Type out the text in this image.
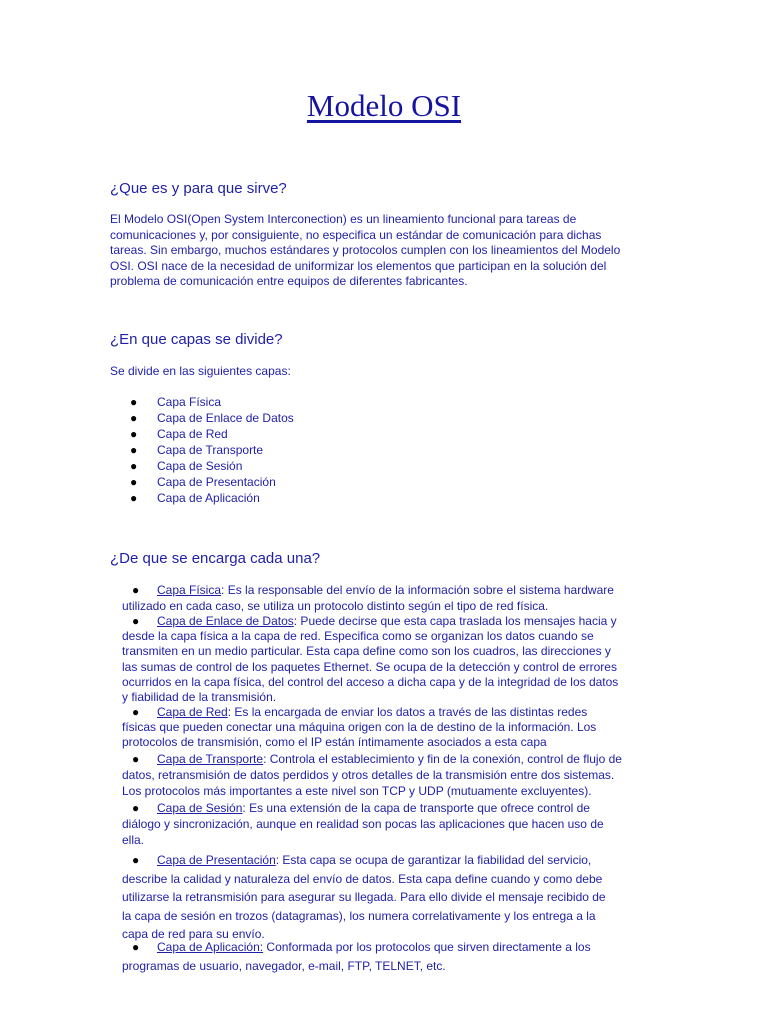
Modelo OSI
¿Que es y para que sirve?
El Modelo OSI(Open System Interconection) es un lineamiento funcional para tareas de
comunicaciones y, por consiguiente, no especifica un estándar de comunicación para dichas
tareas. Sin embargo, muchos estándares y protocolos cumplen con los lineamientos del Modelo
OSI. OSI nace de la necesidad de uniformizar los elementos que participan en la solución del
problema de comunicación entre equipos de diferentes fabricantes.
¿En que capas se divide?
Se divide en las siguientes capas:
● Capa Física
● Capa de Enlace de Datos
● Capa de Red
● Capa de Transporte
● Capa de Sesión
● Capa de Presentación
● Capa de Aplicación
¿De que se encarga cada una?
● Capa Física: Es la responsable del envío de la información sobre el sistema hardware
utilizado en cada caso, se utiliza un protocolo distinto según el tipo de red física.
● Capa de Enlace de Datos: Puede decirse que esta capa traslada los mensajes hacia y
desde la capa física a la capa de red. Especifica como se organizan los datos cuando se
transmiten en un medio particular. Esta capa define como son los cuadros, las direcciones y
las sumas de control de los paquetes Ethernet. Se ocupa de la detección y control de errores
ocurridos en la capa física, del control del acceso a dicha capa y de la integridad de los datos
y fiabilidad de la transmisión.
● Capa de Red: Es la encargada de enviar los datos a través de las distintas redes
físicas que pueden conectar una máquina origen con la de destino de la información. Los
protocolos de transmisión, como el IP están íntimamente asociados a esta capa
● Capa de Transporte: Controla el establecimiento y fin de la conexión, control de flujo de
datos, retransmisión de datos perdidos y otros detalles de la transmisión entre dos sistemas.
Los protocolos más importantes a este nivel son TCP y UDP (mutuamente excluyentes).
● Capa de Sesión: Es una extensión de la capa de transporte que ofrece control de
diálogo y sincronización, aunque en realidad son pocas las aplicaciones que hacen uso de
ella.
● Capa de Presentación: Esta capa se ocupa de garantizar la fiabilidad del servicio,
describe la calidad y naturaleza del envío de datos. Esta capa define cuando y como debe
utilizarse la retransmisión para asegurar su llegada. Para ello divide el mensaje recibido de
la capa de sesión en trozos (datagramas), los numera correlativamente y los entrega a la
capa de red para su envío.
● Capa de Aplicación: Conformada por los protocolos que sirven directamente a los
programas de usuario, navegador, e-mail, FTP, TELNET, etc.
